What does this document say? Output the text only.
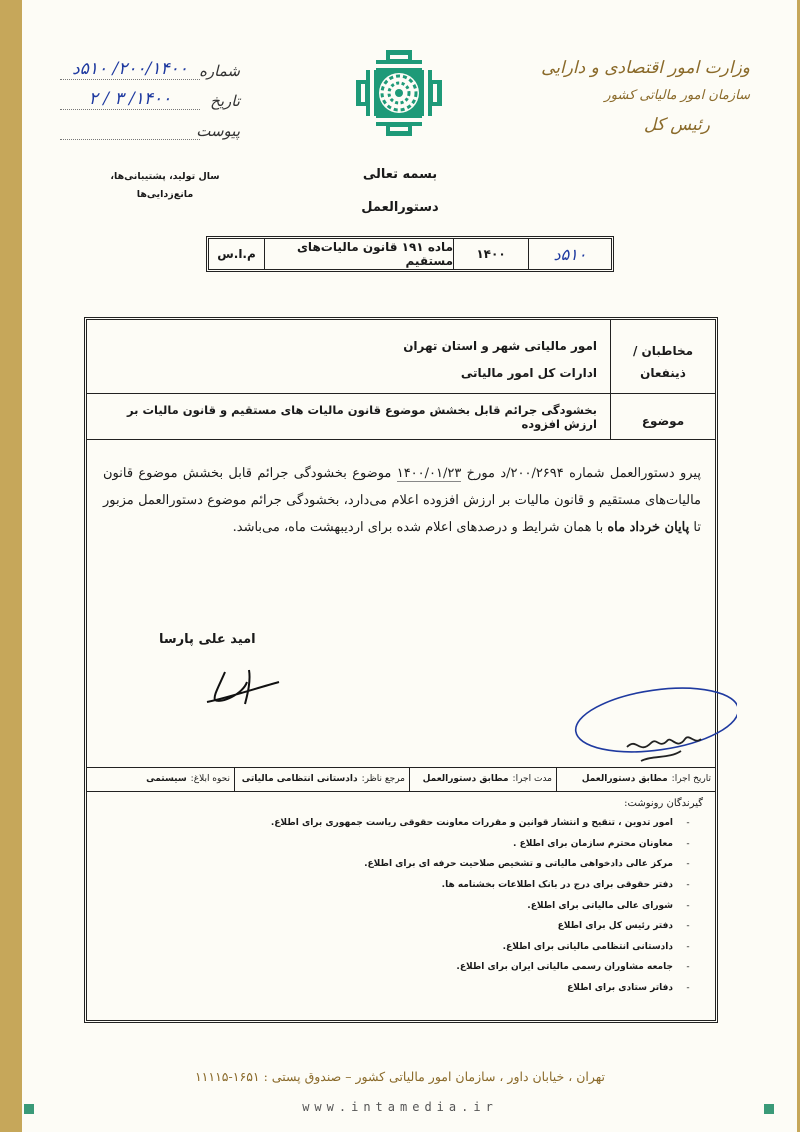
شماره
۲۰۰/۱۴۰۰/ ۵۱۰د
تاریخ
۱۴۰۰/ ۳ / ۲
پیوست
وزارت امور اقتصادی و دارایی
سازمان امور مالیاتی کشور
رئیس کل
سال تولید، پشتیبانی‌ها، مانع‌زدایی‌ها
بسمه تعالی
دستورالعمل
۵۱۰د
۱۴۰۰
ماده ۱۹۱ قانون مالیات‌های مستقیم
م.ا.س
مخاطبان / ذینفعان
امور مالیاتی شهر و استان تهران
ادارات کل امور مالیاتی
موضوع
بخشودگی جرائم قابل بخشش موضوع قانون مالیات های مستقیم و قانون مالیات بر ارزش افزوده
پیرو دستورالعمل شماره ۲۰۰/۲۶۹۴/د مورخ ۱۴۰۰/۰۱/۲۳ موضوع بخشودگی جرائم قابل بخشش موضوع قانون مالیات‌های مستقیم و قانون مالیات بر ارزش افزوده اعلام می‌دارد، بخشودگی جرائم موضوع دستورالعمل مزبور تا پایان خرداد ماه با همان شرایط و درصدهای اعلام شده برای اردیبهشت ماه، می‌باشد.
امید علی پارسا
تاریخ اجرا:
مطابق دستورالعمل
مدت اجرا:
مطابق دستورالعمل
مرجع ناظر:
دادستانی انتظامی مالیاتی
نحوه ابلاغ:
سیستمی
گیرندگان رونوشت:
-
امور تدوین ، تنقیح و انتشار قوانین و مقررات معاونت حقوقی ریاست جمهوری برای اطلاع.
-
معاونان محترم سازمان برای اطلاع .
-
مرکز عالی دادخواهی مالیاتی و تشخیص صلاحیت حرفه ای برای اطلاع.
-
دفتر حقوقی برای درج در بانک اطلاعات بخشنامه ها.
-
شورای عالی مالیاتی برای اطلاع.
-
دفتر رئیس کل برای اطلاع
-
دادستانی انتظامی مالیاتی برای اطلاع.
-
جامعه مشاوران رسمی مالیاتی ایران برای اطلاع.
-
دفاتر ستادی برای اطلاع
تهران ، خیابان داور ، سازمان امور مالیاتی کشور – صندوق پستی : ۱۶۵۱-۱۱۱۱۵
www.intamedia.ir
